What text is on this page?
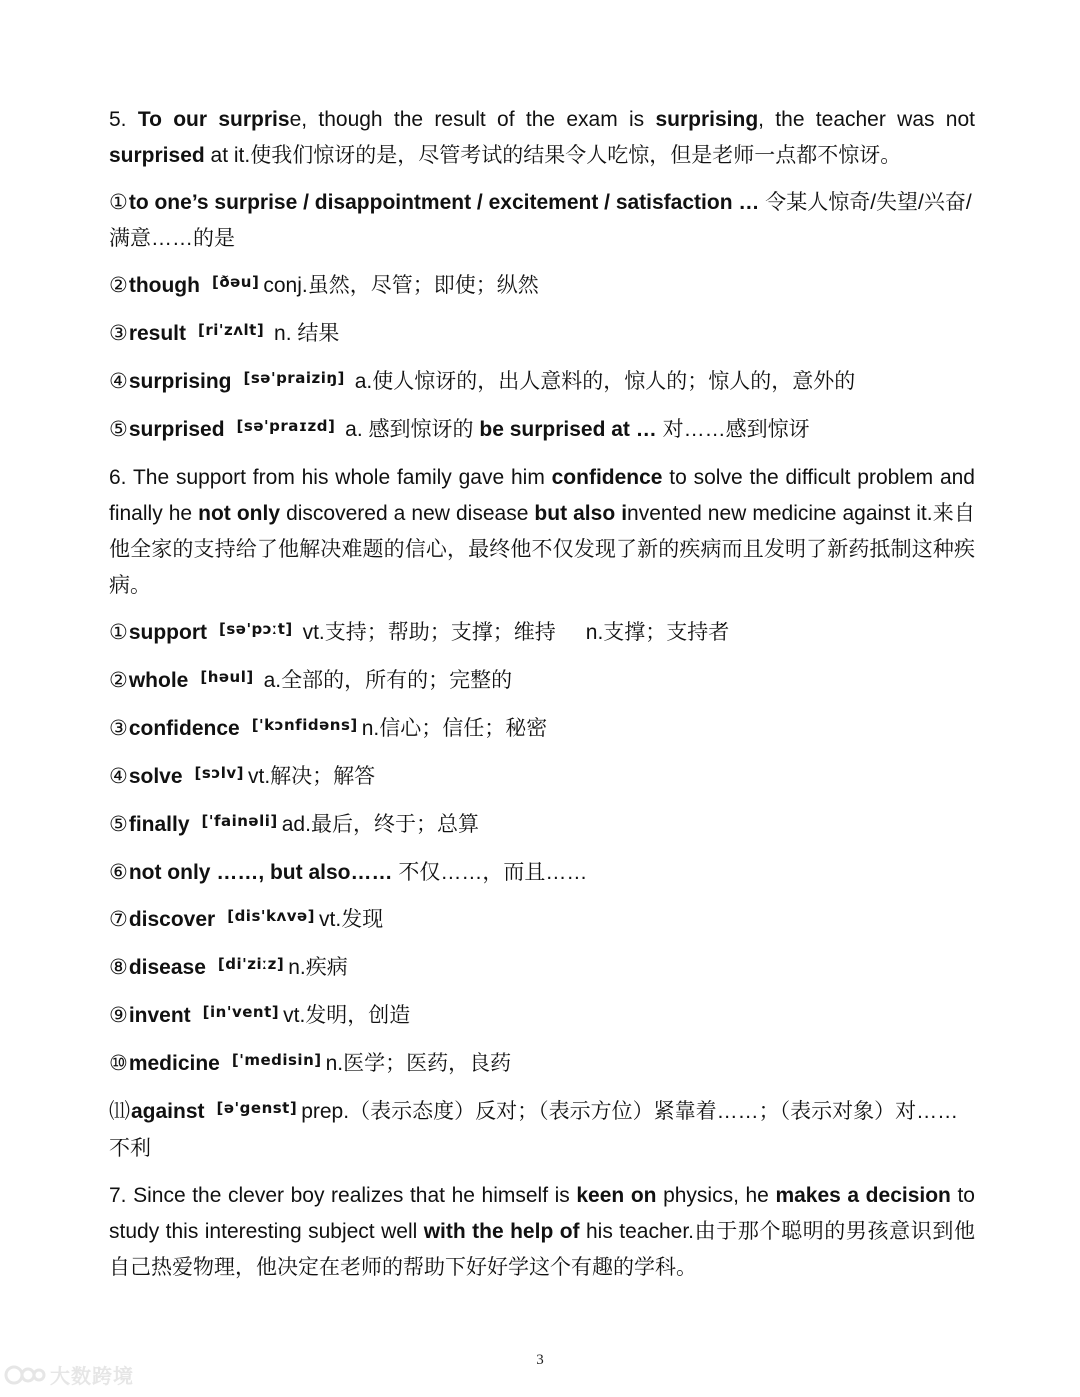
5. To our surprise, though the result of the exam is surprising, the teacher was not surprised at it.使我们惊讶的是，尽管考试的结果令人吃惊，但是老师一点都不惊讶。

①to one’s surprise / disappointment / excitement / satisfaction … 令某人惊奇/失望/兴奋/满意……的是
②though [ðəu] conj.虽然，尽管；即使；纵然
③result [ri'zʌlt] n. 结果
④surprising [sə'praiziŋ] a.使人惊讶的，出人意料的，惊人的；惊人的，意外的
⑤surprised [sə'praɪzd] a. 感到惊讶的 be surprised at … 对……感到惊讶

6. The support from his whole family gave him confidence to solve the difficult problem and finally he not only discovered a new disease but also invented new medicine against it.来自他全家的支持给了他解决难题的信心，最终他不仅发现了新的疾病而且发明了新药抵制这种疾病。

①support [sə'pɔːt] vt.支持；帮助；支撑；维持 n.支撑；支持者
②whole [həul] a.全部的，所有的；完整的
③confidence ['kɔnfidəns] n.信心；信任；秘密
④solve [sɔlv] vt.解决；解答
⑤finally ['fainəli] ad.最后，终于；总算
⑥not only ……, but also…… 不仅……，而且……
⑦discover [dis'kʌvə] vt.发现
⑧disease [di'ziːz] n.疾病
⑨invent [in'vent] vt.发明，创造
⑩medicine ['medisin] n.医学；医药，良药
⑾against [ə'genst] prep.（表示态度）反对；（表示方位）紧靠着……；（表示对象）对……不利

7. Since the clever boy realizes that he himself is keen on physics, he makes a decision to study this interesting subject well with the help of his teacher.由于那个聪明的男孩意识到他自己热爱物理，他决定在老师的帮助下好好学这个有趣的学科。

3
大数跨境
